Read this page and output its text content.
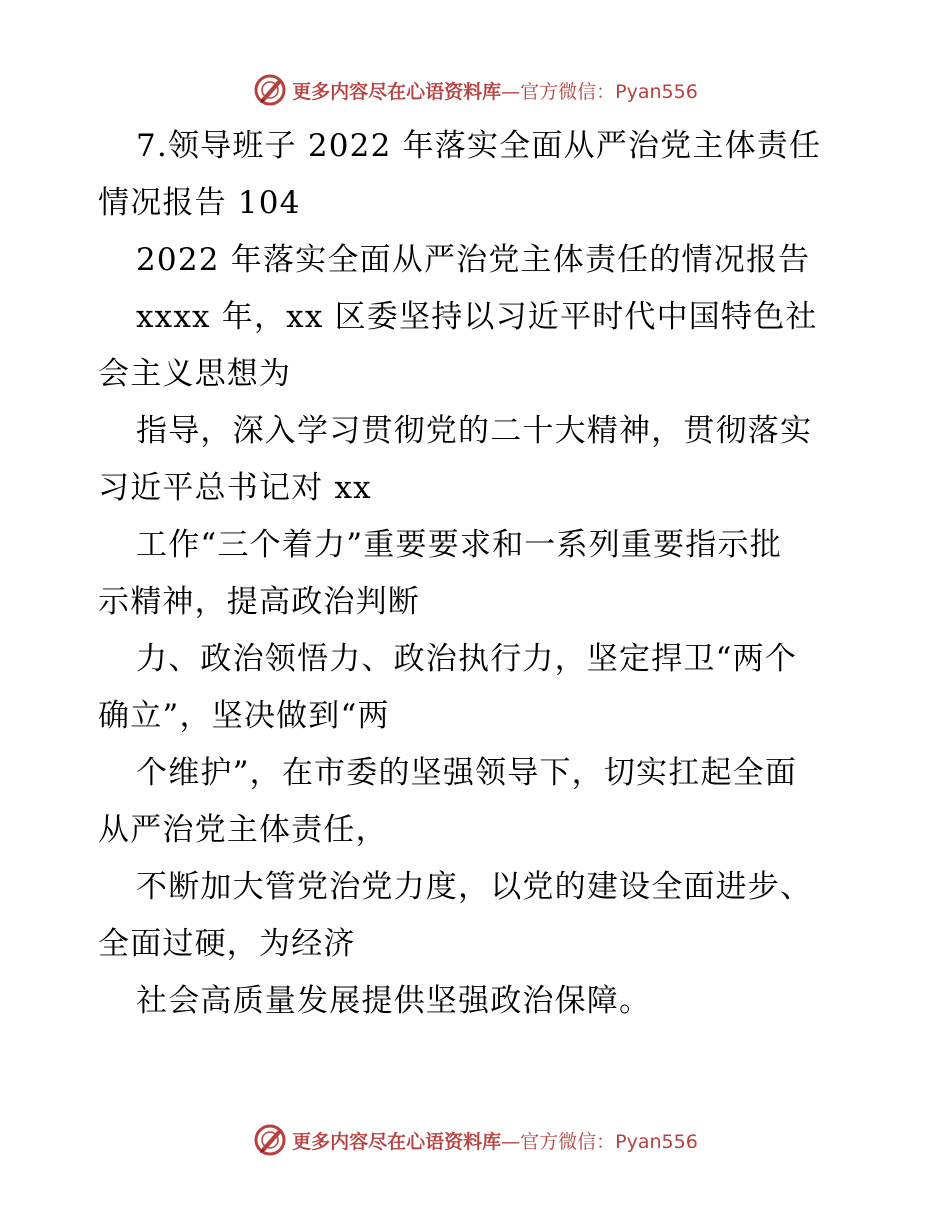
更多内容尽在心语资料库—官方微信：Pyan556
7.领导班子 2022 年落实全面从严治党主体责任
情况报告 104
2022 年落实全面从严治党主体责任的情况报告
xxxx 年，xx 区委坚持以习近平时代中国特色社
会主义思想为
指导，深入学习贯彻党的二十大精神，贯彻落实
习近平总书记对 xx
工作“三个着力”重要要求和一系列重要指示批
示精神，提高政治判断
力、政治领悟力、政治执行力，坚定捍卫“两个
确立”，坚决做到“两
个维护”，在市委的坚强领导下，切实扛起全面
从严治党主体责任，
不断加大管党治党力度，以党的建设全面进步、
全面过硬，为经济
社会高质量发展提供坚强政治保障。
更多内容尽在心语资料库—官方微信：Pyan556
